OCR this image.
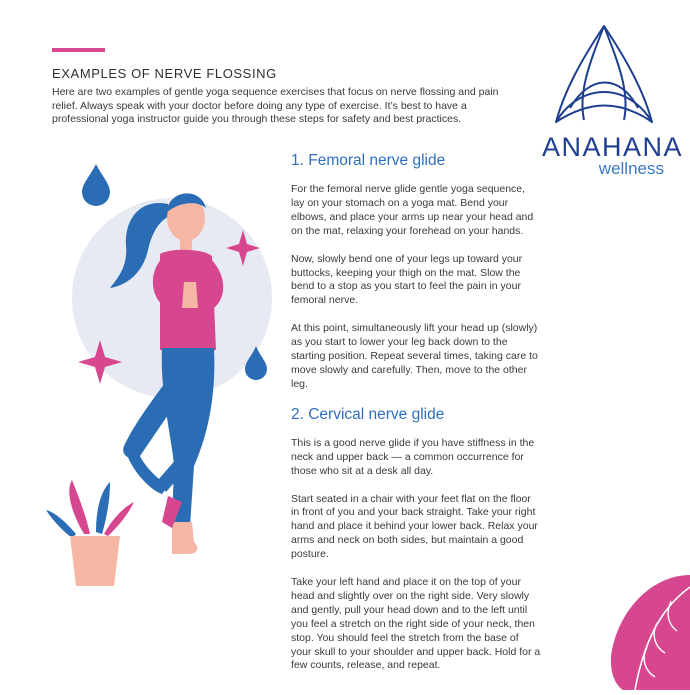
EXAMPLES OF NERVE FLOSSING

Here are two examples of gentle yoga sequence exercises that focus on nerve flossing and pain relief. Always speak with your doctor before doing any type of exercise. It’s best to have a professional yoga instructor guide you through these steps for safety and best practices.

ANAHANA
wellness
1. Femoral nerve glide

For the femoral nerve glide gentle yoga sequence, lay on your stomach on a yoga mat. Bend your elbows, and place your arms up near your head and on the mat, relaxing your forehead on your hands.

Now, slowly bend one of your legs up toward your buttocks, keeping your thigh on the mat. Slow the bend to a stop as you start to feel the pain in your femoral nerve.

At this point, simultaneously lift your head up (slowly) as you start to lower your leg back down to the starting position. Repeat several times, taking care to move slowly and carefully. Then, move to the other leg.

2. Cervical nerve glide

This is a good nerve glide if you have stiffness in the neck and upper back — a common occurrence for those who sit at a desk all day.

Start seated in a chair with your feet flat on the floor in front of you and your back straight. Take your right hand and place it behind your lower back. Relax your arms and neck on both sides, but maintain a good posture.

Take your left hand and place it on the top of your head and slightly over on the right side. Very slowly and gently, pull your head down and to the left until you feel a stretch on the right side of your neck, then stop. You should feel the stretch from the base of your skull to your shoulder and upper back. Hold for a few counts, release, and repeat.
